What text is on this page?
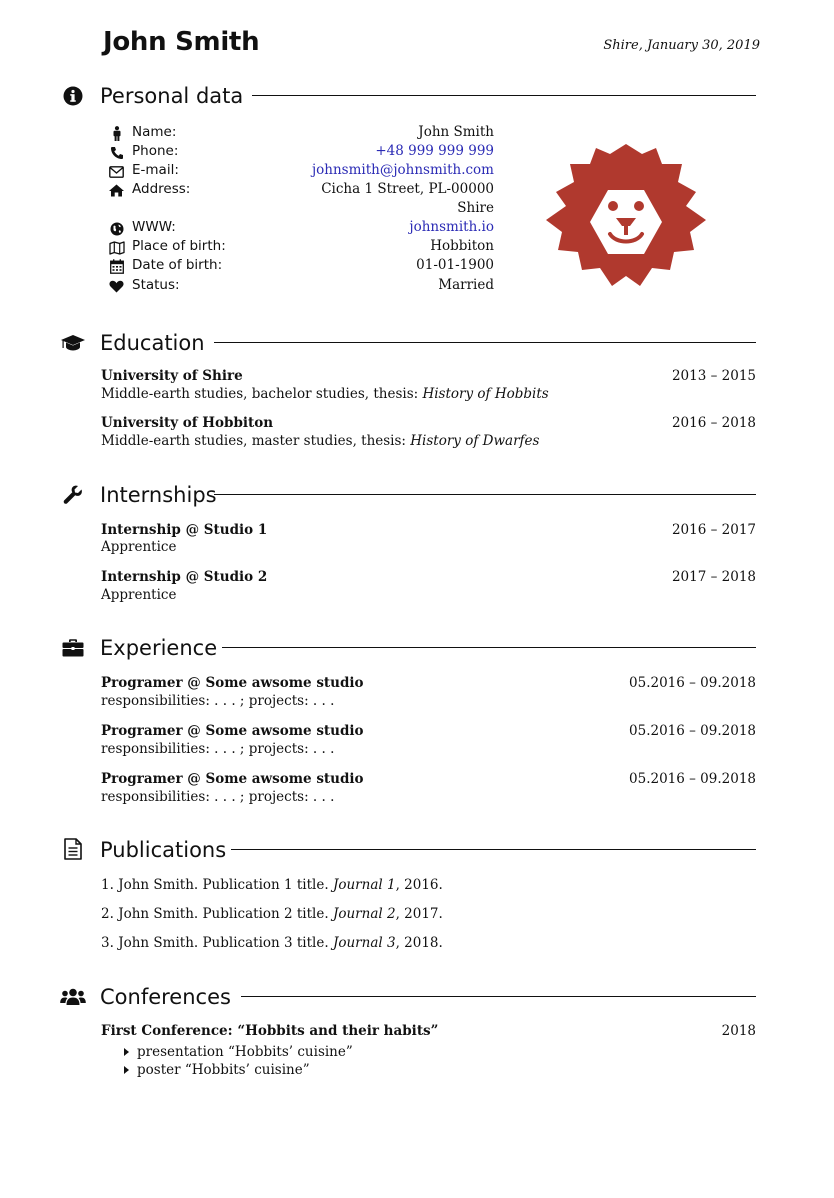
John Smith	Shire, January 30, 2019
Personal data
Name:	John Smith
Phone:	+48 999 999 999
E-mail:	johnsmith@johnsmith.com
Address:	Cicha 1 Street, PL-00000
Shire
WWW:	johnsmith.io
Place of birth:	Hobbiton
Date of birth:	01-01-1900
Status:	Married
Education
University of Shire	2013 – 2015
Middle-earth studies, bachelor studies, thesis: History of Hobbits
University of Hobbiton	2016 – 2018
Middle-earth studies, master studies, thesis: History of Dwarfes
Internships
Internship @ Studio 1	2016 – 2017
Apprentice
Internship @ Studio 2	2017 – 2018
Apprentice
Experience
Programer @ Some awsome studio	05.2016 – 09.2018
responsibilities: . . . ; projects: . . .
Programer @ Some awsome studio	05.2016 – 09.2018
responsibilities: . . . ; projects: . . .
Programer @ Some awsome studio	05.2016 – 09.2018
responsibilities: . . . ; projects: . . .
Publications
1. John Smith. Publication 1 title. Journal 1, 2016.
2. John Smith. Publication 2 title. Journal 2, 2017.
3. John Smith. Publication 3 title. Journal 3, 2018.
Conferences
First Conference: “Hobbits and their habits”	2018
presentation “Hobbits’ cuisine”
poster “Hobbits’ cuisine”
